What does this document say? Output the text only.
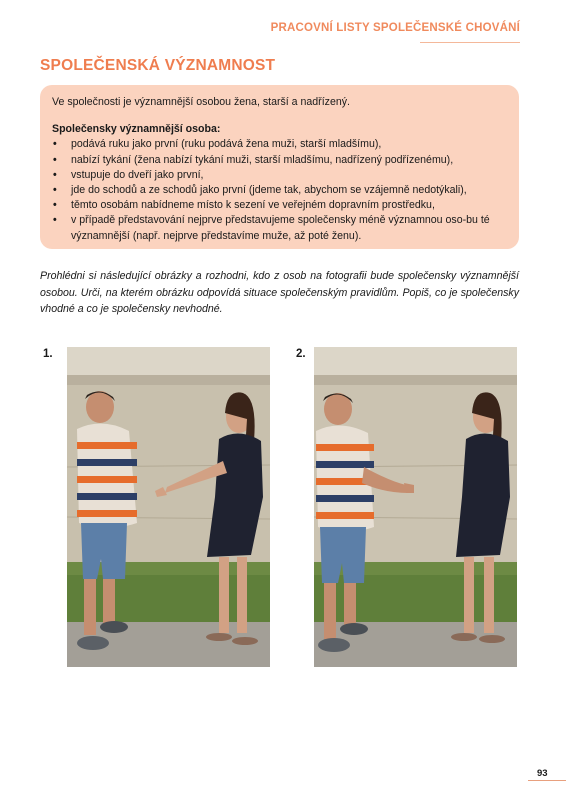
PRACOVNÍ LISTY SPOLEČENSKÉ CHOVÁNÍ
SPOLEČENSKÁ VÝZNAMNOST

Ve společnosti je významnější osobou žena, starší a nadřízený.

Společensky významnější osoba:

• podává ruku jako první (ruku podává žena muži, starší mladšímu),
• nabízí tykání (žena nabízí tykání muži, starší mladšímu, nadřízený podřízenému),
• vstupuje do dveří jako první,
• jde do schodů a ze schodů jako první (jdeme tak, abychom se vzájemně nedotýkali),
• těmto osobám nabídneme místo k sezení ve veřejném dopravním prostředku,
• v případě představování nejprve představujeme společensky méně významnou oso-bu té významnější (např. nejprve představíme muže, až poté ženu).

Prohlédni si následující obrázky a rozhodni, kdo z osob na fotografii bude společensky významnější osobou. Urči, na kterém obrázku odpovídá situace společenským pravidlům. Popiš, co je společensky vhodné a co je společensky nevhodné.

1.	2.
93
